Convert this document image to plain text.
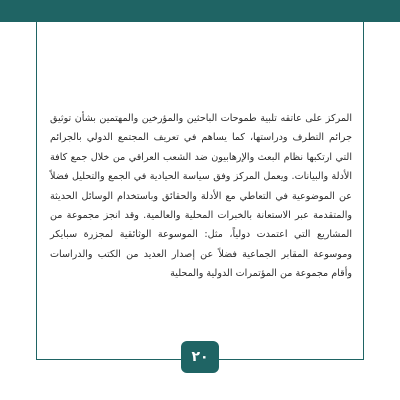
المركز على عاتقه تلبية طموحات الباحثين والمؤرخين والمهتمين بشأن توثيق جرائم التطرف ودراستها، كما يساهم في تعريف المجتمع الدولي بالجرائم التي ارتكبها نظام البعث والإرهابيون ضد الشعب العراقي من خلال جمع كافة الأدلة والبيانات. ويعمل المركز وفق سياسة الحيادية في الجمع والتحليل فضلاً عن الموضوعية في التعاطي مع الأدلة والحقائق وباستخدام الوسائل الحديثة والمتقدمة عبر الاستعانة بالخبرات المحلية والعالمية. وقد انجز مجموعة من المشاريع التي اعتمدت دولياً، مثل: الموسوعة الوثائقية لمجزرة سبايكر وموسوعة المقابر الجماعية فضلاً عن إصدار العديد من الكتب والدراسات وأقام مجموعة من المؤتمرات الدولية والمحلية

٢٠
